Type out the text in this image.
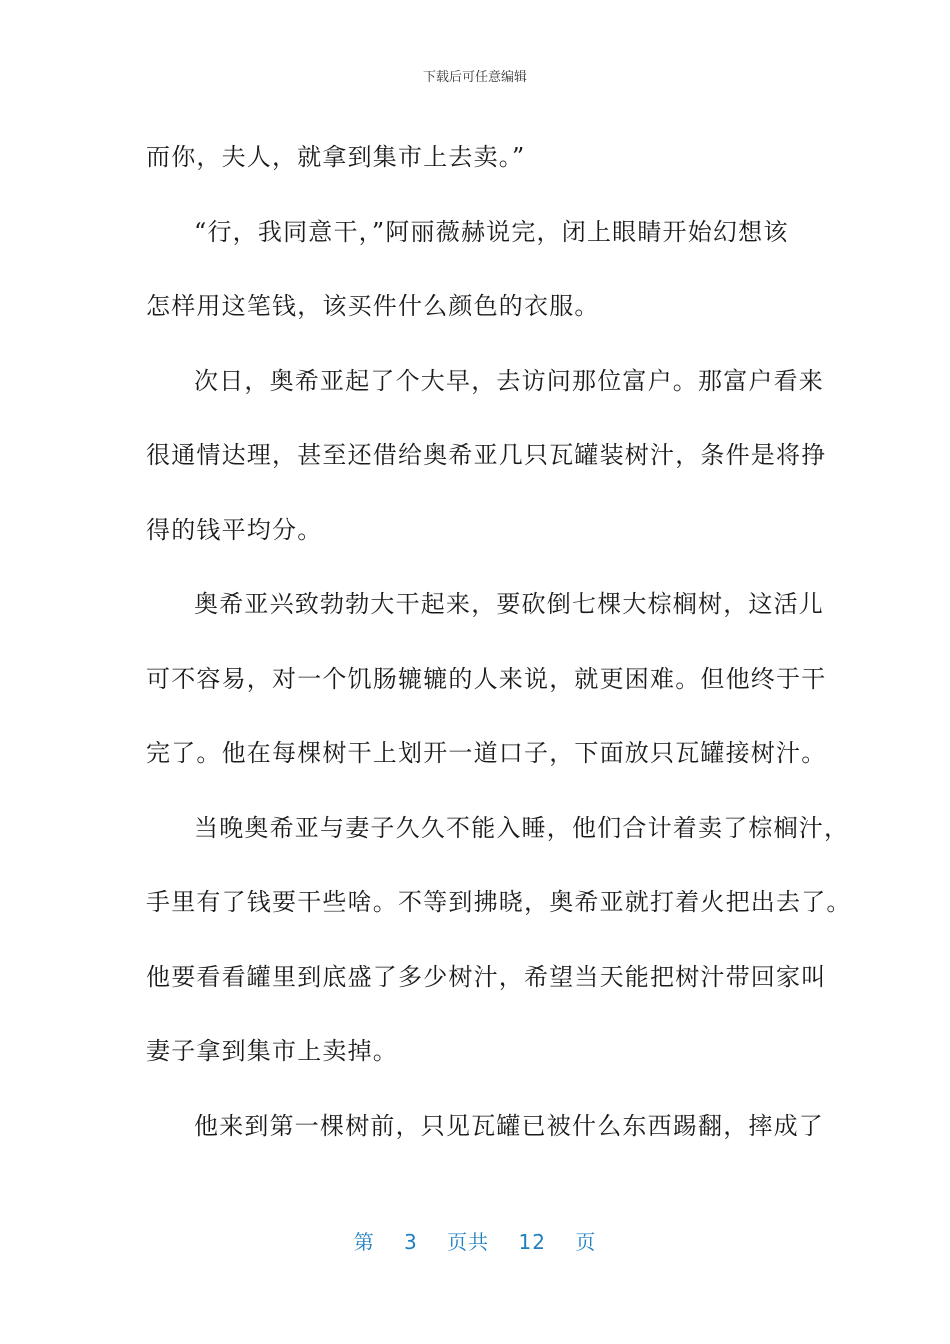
下载后可任意编辑
而你，夫人，就拿到集市上去卖。”
“行，我同意干，”阿丽薇赫说完，闭上眼睛开始幻想该
怎样用这笔钱，该买件什么颜色的衣服。
次日，奥希亚起了个大早，去访问那位富户。那富户看来
很通情达理，甚至还借给奥希亚几只瓦罐装树汁，条件是将挣
得的钱平均分。
奥希亚兴致勃勃大干起来，要砍倒七棵大棕榈树，这活儿
可不容易，对一个饥肠辘辘的人来说，就更困难。但他终于干
完了。他在每棵树干上划开一道口子，下面放只瓦罐接树汁。
当晚奥希亚与妻子久久不能入睡，他们合计着卖了棕榈汁，
手里有了钱要干些啥。不等到拂晓，奥希亚就打着火把出去了。
他要看看罐里到底盛了多少树汁，希望当天能把树汁带回家叫
妻子拿到集市上卖掉。
他来到第一棵树前，只见瓦罐已被什么东西踢翻，摔成了
第 3 页共 12 页
